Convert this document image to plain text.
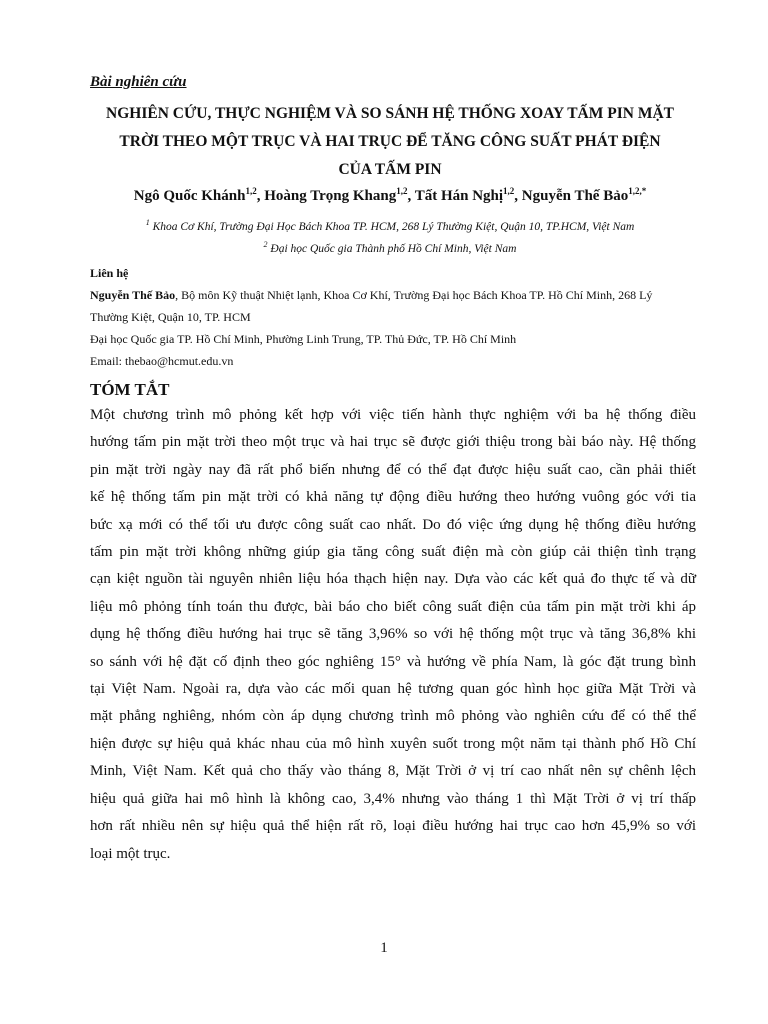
Bài nghiên cứu
NGHIÊN CỨU, THỰC NGHIỆM VÀ SO SÁNH HỆ THỐNG XOAY TẤM PIN MẶT
TRỜI THEO MỘT TRỤC VÀ HAI TRỤC ĐỂ TĂNG CÔNG SUẤT PHÁT ĐIỆN
CỦA TẤM PIN
Ngô Quốc Khánh$^{1,2}$, Hoàng Trọng Khang$^{1,2}$, Tất Hán Nghị$^{1,2}$, Nguyễn Thế Bảo$^{1,2,*}$
$^1$ Khoa Cơ Khí, Trường Đại Học Bách Khoa TP. HCM, 268 Lý Thường Kiệt, Quận 10, TP.HCM, Việt Nam
$^2$ Đại học Quốc gia Thành phố Hồ Chí Minh, Việt Nam
Liên hệ
Nguyễn Thế Bảo, Bộ môn Kỹ thuật Nhiệt lạnh, Khoa Cơ Khí, Trường Đại học Bách Khoa TP. Hồ Chí Minh, 268 Lý
Thường Kiệt, Quận 10, TP. HCM
Đại học Quốc gia TP. Hồ Chí Minh, Phường Linh Trung, TP. Thủ Đức, TP. Hồ Chí Minh
Email: thebao@hcmut.edu.vn
TÓM TẮT
Một chương trình mô phỏng kết hợp với việc tiến hành thực nghiệm với ba hệ thống điều
hướng tấm pin mặt trời theo một trục và hai trục sẽ được giới thiệu trong bài báo này. Hệ thống
pin mặt trời ngày nay đã rất phổ biến nhưng để có thể đạt được hiệu suất cao, cần phải thiết
kế hệ thống tấm pin mặt trời có khả năng tự động điều hướng theo hướng vuông góc với tia
bức xạ mới có thể tối ưu được công suất cao nhất. Do đó việc ứng dụng hệ thống điều hướng
tấm pin mặt trời không những giúp gia tăng công suất điện mà còn giúp cải thiện tình trạng
cạn kiệt nguồn tài nguyên nhiên liệu hóa thạch hiện nay. Dựa vào các kết quả đo thực tế và dữ
liệu mô phỏng tính toán thu được, bài báo cho biết công suất điện của tấm pin mặt trời khi áp
dụng hệ thống điều hướng hai trục sẽ tăng 3,96% so với hệ thống một trục và tăng 36,8% khi
so sánh với hệ đặt cố định theo góc nghiêng 15° và hướng về phía Nam, là góc đặt trung bình
tại Việt Nam. Ngoài ra, dựa vào các mối quan hệ tương quan góc hình học giữa Mặt Trời và
mặt phẳng nghiêng, nhóm còn áp dụng chương trình mô phỏng vào nghiên cứu để có thể thể
hiện được sự hiệu quả khác nhau của mô hình xuyên suốt trong một năm tại thành phố Hồ Chí
Minh, Việt Nam. Kết quả cho thấy vào tháng 8, Mặt Trời ở vị trí cao nhất nên sự chênh lệch
hiệu quả giữa hai mô hình là không cao, 3,4% nhưng vào tháng 1 thì Mặt Trời ở vị trí thấp
hơn rất nhiều nên sự hiệu quả thể hiện rất rõ, loại điều hướng hai trục cao hơn 45,9% so với
loại một trục.
1
